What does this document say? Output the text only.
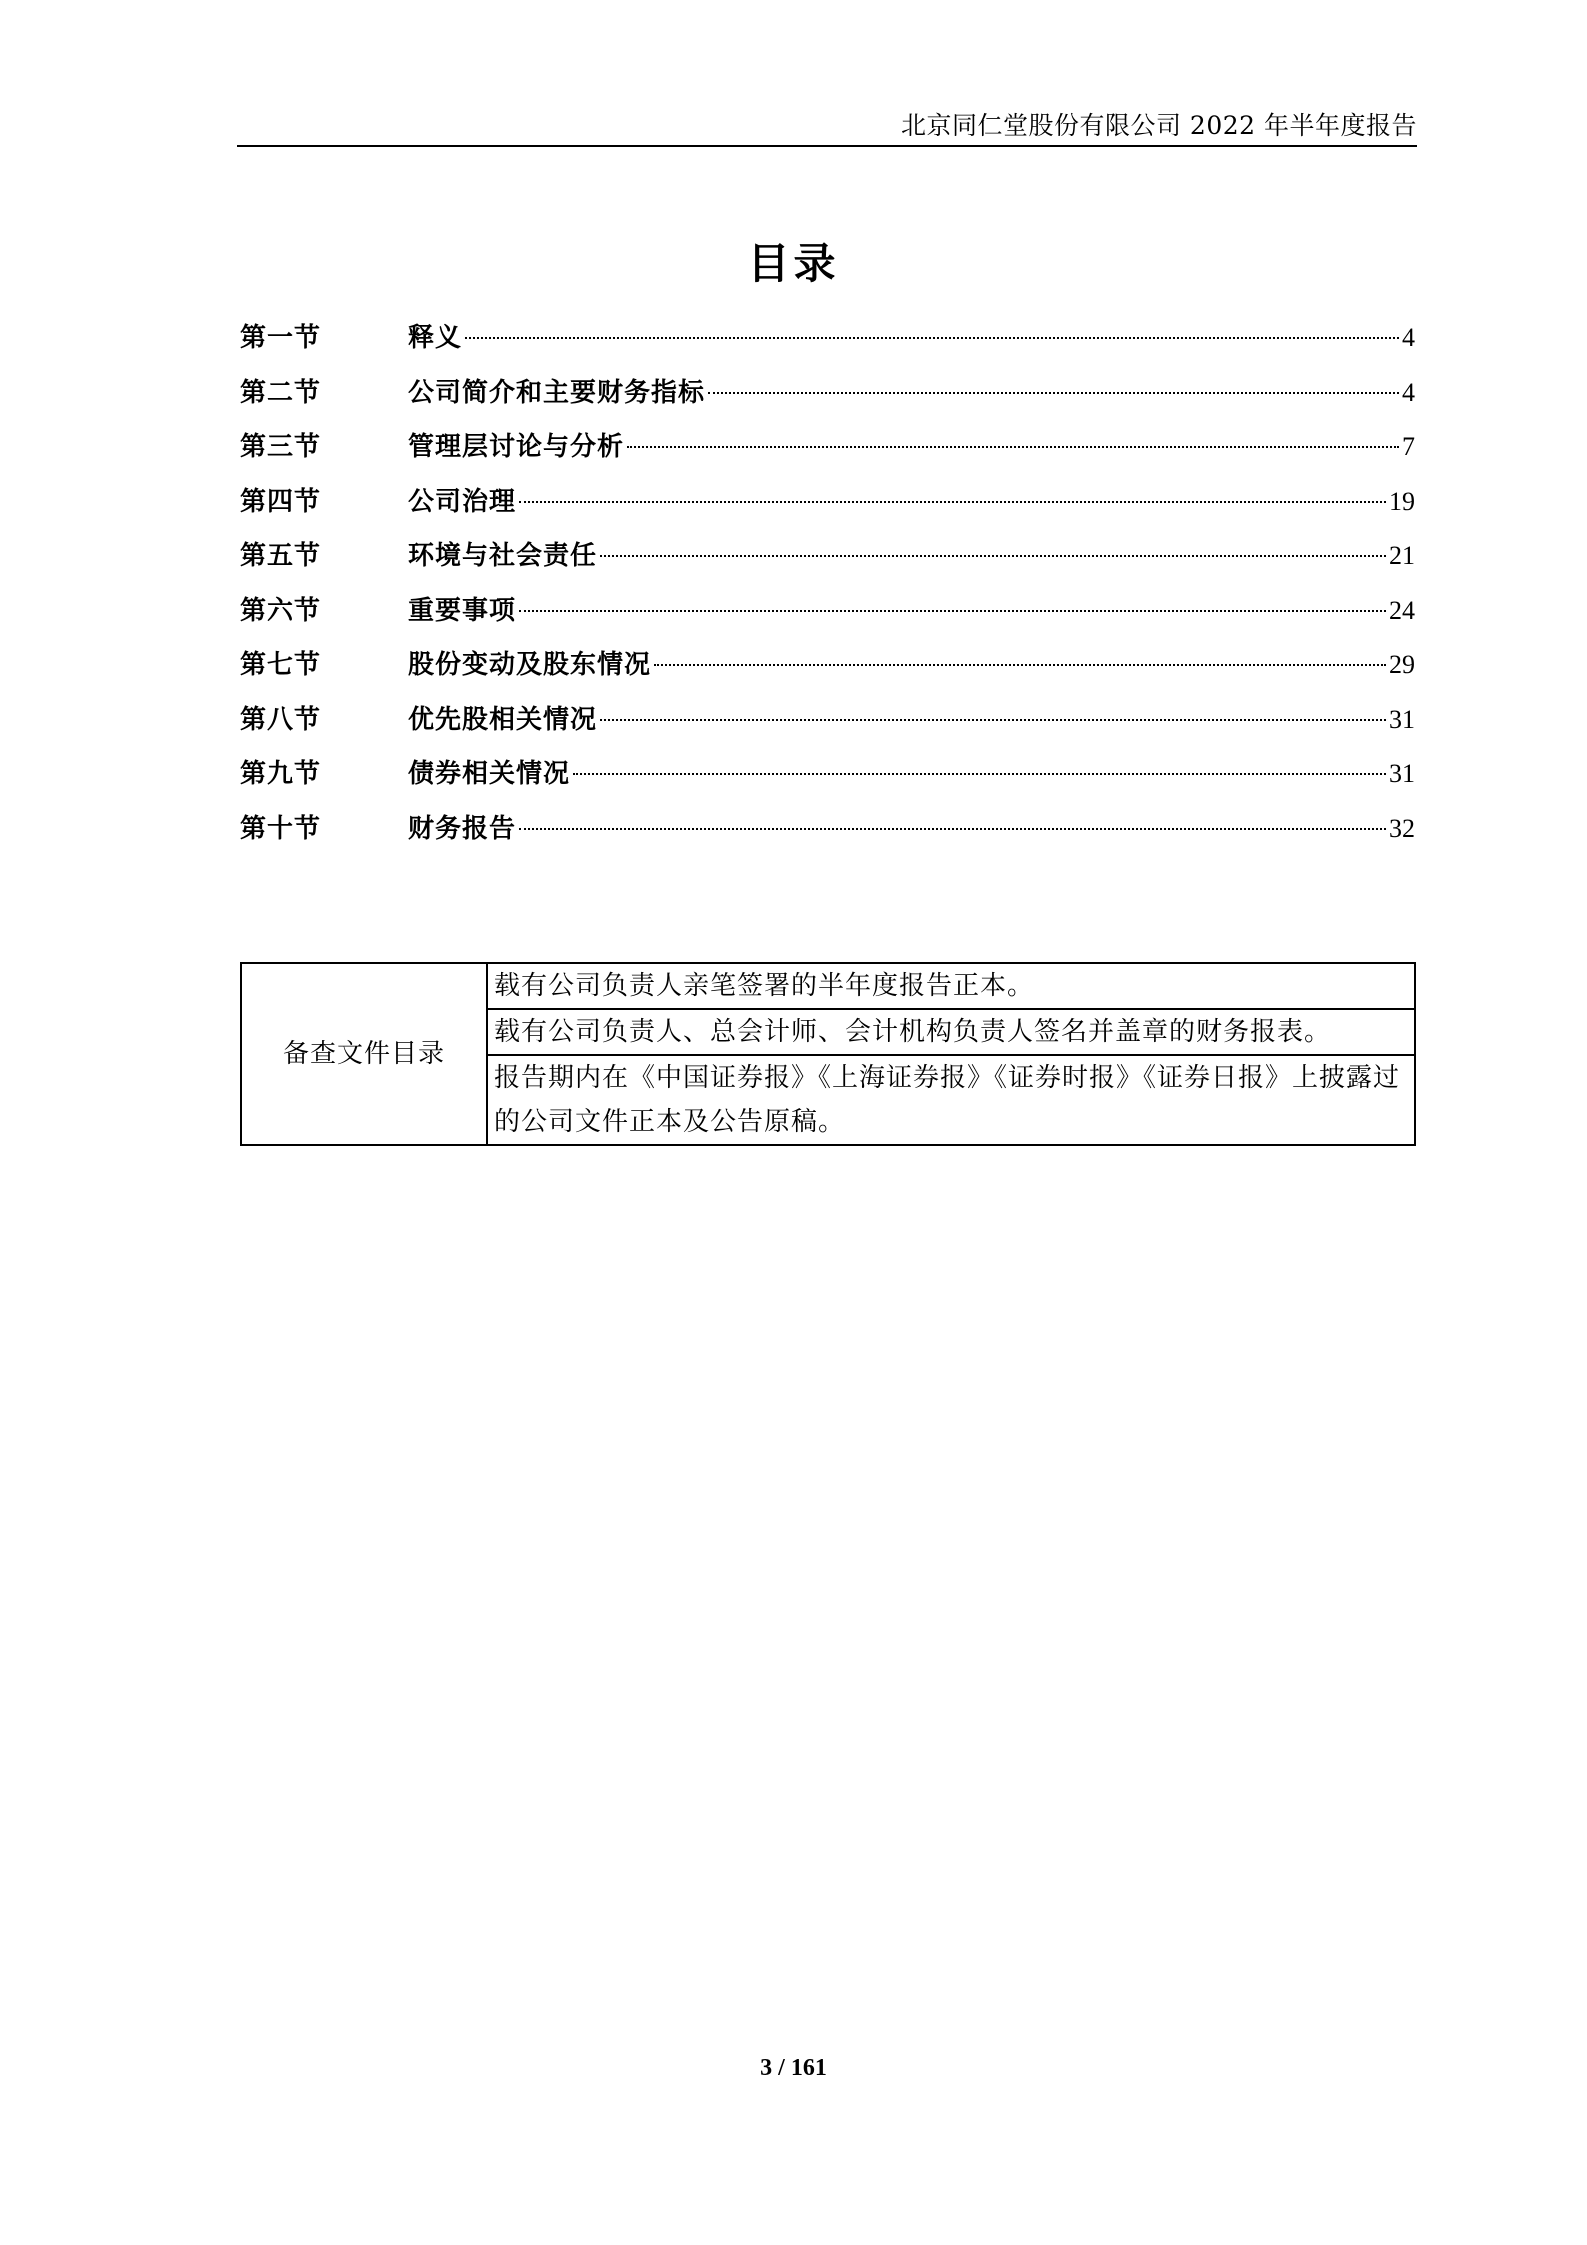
北京同仁堂股份有限公司 2022 年半年度报告
目录
第一节	释义	4
第二节	公司简介和主要财务指标	4
第三节	管理层讨论与分析	7
第四节	公司治理	19
第五节	环境与社会责任	21
第六节	重要事项	24
第七节	股份变动及股东情况	29
第八节	优先股相关情况	31
第九节	债券相关情况	31
第十节	财务报告	32
备查文件目录	载有公司负责人亲笔签署的半年度报告正本。
载有公司负责人、总会计师、会计机构负责人签名并盖章的财务报表。
报告期内在《中国证券报》《上海证券报》《证券时报》《证券日报》上披露过的公司文件正本及公告原稿。
3 / 161
